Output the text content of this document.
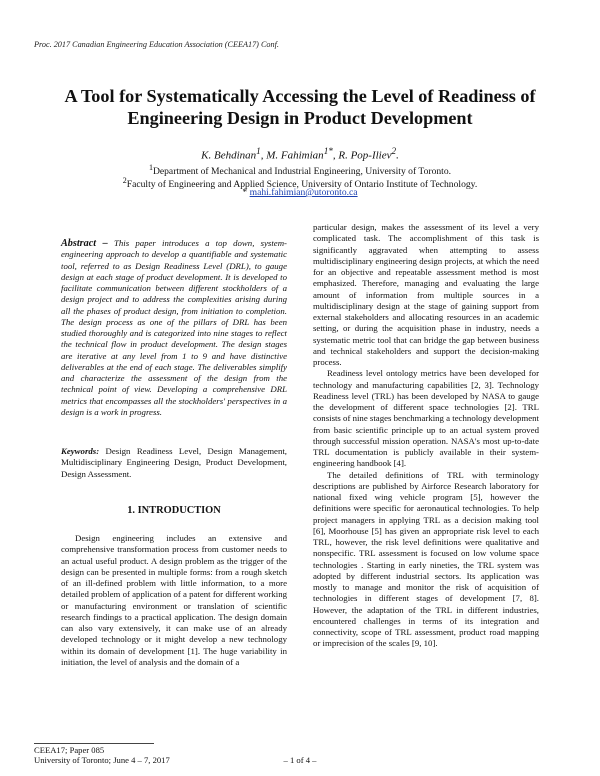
Proc. 2017 Canadian Engineering Education Association (CEEA17) Conf.
A Tool for Systematically Accessing the Level of Readiness of Engineering Design in Product Development
K. Behdinan$^1$, M. Fahimian$^{1*}$, R. Pop-Iliev$^2$.
$^1$Department of Mechanical and Industrial Engineering, University of Toronto.
$^2$Faculty of Engineering and Applied Science, University of Ontario Institute of Technology.
* mahi.fahimian@utoronto.ca

Abstract – This paper introduces a top down, system-engineering approach to develop a quantifiable and systematic tool, referred to as Design Readiness Level (DRL), to gauge design at each stage of product development. It is developed to facilitate communication between different stockholders of a design project and to address the complexities arising during all the phases of product design, from initiation to completion. The design process as one of the pillars of DRL has been studied thoroughly and is categorized into nine stages to reflect the technical flow in product development. The design stages are iterative at any level from 1 to 9 and have distinctive deliverables at the end of each stage. The deliverables simplify and characterize the assessment of the design from the technical point of view. Developing a comprehensive DRL metrics that encompasses all the stockholders' perspectives in a design is a work in progress.

Keywords: Design Readiness Level, Design Management, Multidisciplinary Engineering Design, Product Development, Design Assessment.

1. INTRODUCTION

Design engineering includes an extensive and comprehensive transformation process from customer needs to an actual useful product. A design problem as the trigger of the design can be presented in multiple forms: from a rough sketch of an ill-defined problem with little information, to a more detailed problem of application of a patent for different working or manufacturing environment or translation of scientific research findings to a practical application. The design domain can also vary extensively, it can make use of an already developed technology or it might develop a new technology within its domain of development [1]. The huge variability in initiation, the level of analysis and the domain of a

particular design, makes the assessment of its level a very complicated task. The accomplishment of this task is significantly aggravated when attempting to assess multidisciplinary engineering design projects, at which the need for an objective and repeatable assessment method is most emphasized. Therefore, managing and evaluating the large amount of information from multiple sources in a multidisciplinary design at the stage of gaining support from external stakeholders and allocating resources in an academic setting, or during the acquisition phase in industry, needs a systematic metric tool that can bridge the gap between business and technical stakeholders and support the decision-making process.

Readiness level ontology metrics have been developed for technology and manufacturing capabilities [2, 3]. Technology Readiness level (TRL) has been developed by NASA to gauge the development of different space technologies [2]. TRL consists of nine stages benchmarking a technology development from basic scientific principle up to an actual system proved through successful mission operation. NASA's most up-to-date TRL documentation is publicly available in their system-engineering handbook [4].

The detailed definitions of TRL with terminology descriptions are published by Airforce Research laboratory for national fixed wing vehicle program [5], however the definitions were specific for aeronautical technologies. To help project managers in applying TRL as a decision making tool [6], Moorhouse [5] has given an appropriate risk level to each TRL, however, the risk level definitions were qualitative and nonspecific. TRL assessment is focused on low volume space technologies . Starting in early nineties, the TRL system was adopted by different industrial sectors. Its application was mostly to manage and monitor the risk of acquisition of technologies in different stages of development [7, 8]. However, the adaptation of the TRL in different industries, encountered challenges in terms of its integration and connectivity, scope of TRL assessment, product road mapping or imprecision of the scales [9, 10].

CEEA17; Paper 085
University of Toronto; June 4 – 7, 2017	– 1 of 4 –
